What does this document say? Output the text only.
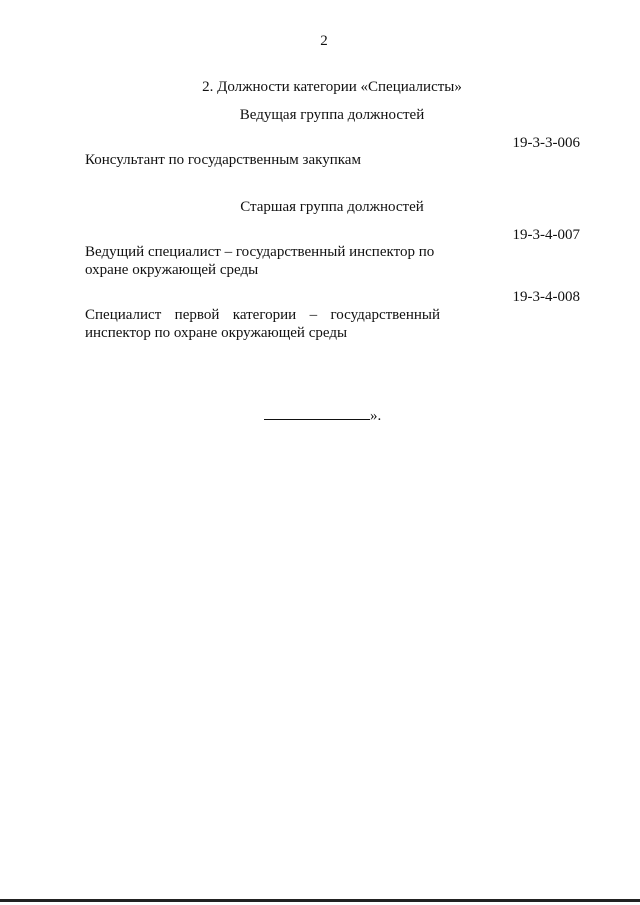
2
2. Должности категории «Специалисты»
Ведущая группа должностей
19-3-3-006
Консультант по государственным закупкам
Старшая группа должностей
19-3-4-007
Ведущий специалист – государственный инспектор по охране окружающей среды
19-3-4-008
Специалист первой категории – государственный инспектор по охране окружающей среды
».
